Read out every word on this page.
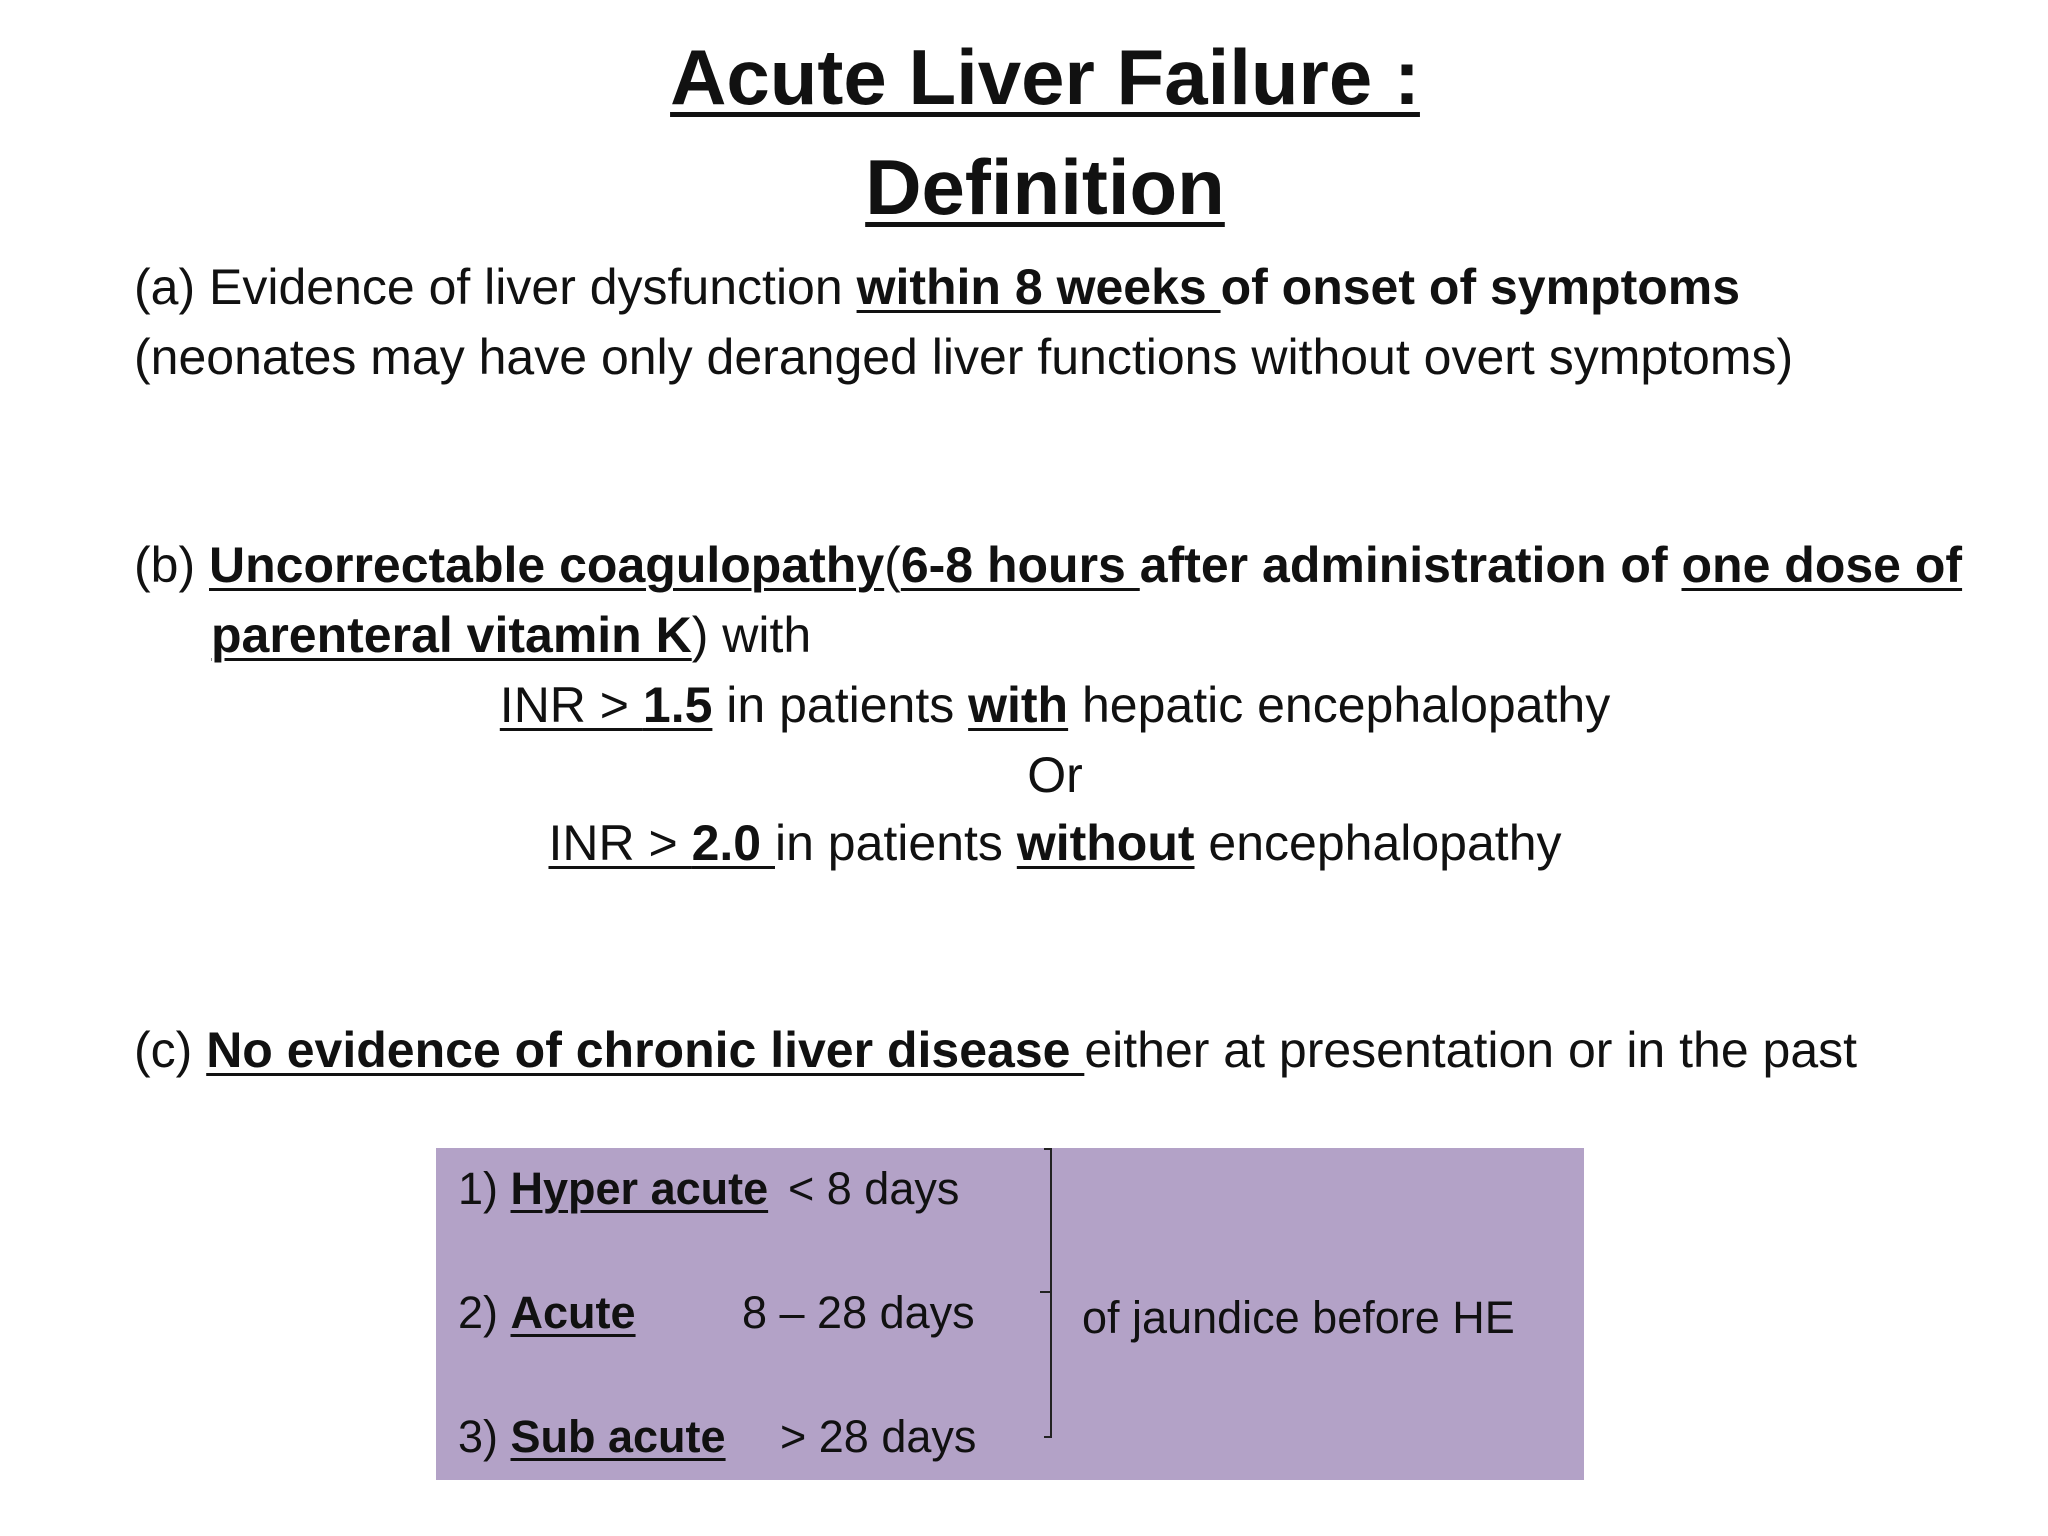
Acute Liver Failure :
Definition

(a) Evidence of liver dysfunction within 8 weeks of onset of symptoms

(neonates may have only deranged liver functions without overt symptoms)

(b) Uncorrectable coagulopathy(6-8 hours after administration of one dose of

parenteral vitamin K) with

INR > 1.5 in patients with hepatic encephalopathy

Or

INR > 2.0 in patients without encephalopathy

(c) No evidence of chronic liver disease either at presentation or in the past

1) Hyper acute < 8 days
2) Acute 8 – 28 days
3) Sub acute > 28 days
of jaundice before HE
